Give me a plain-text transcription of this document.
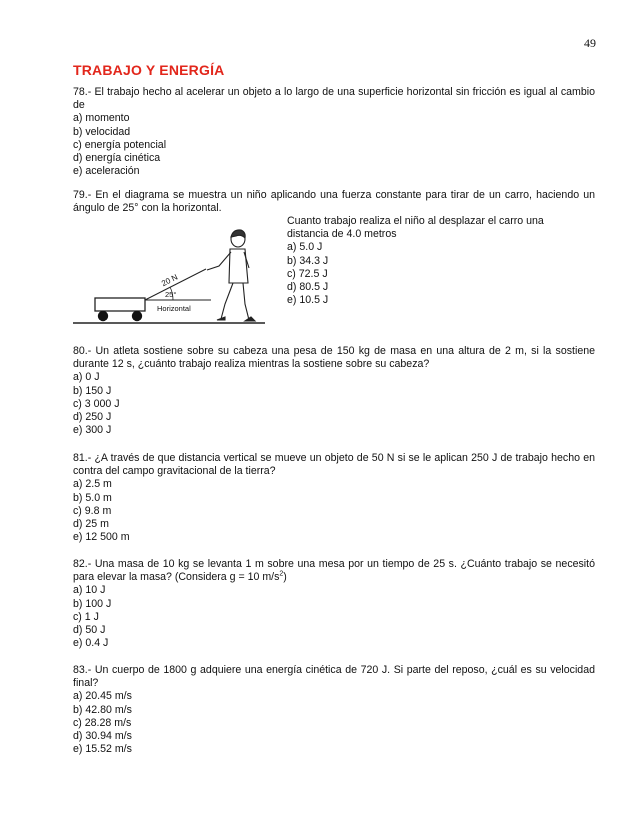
49
TRABAJO Y ENERGÍA

78.- El trabajo hecho al acelerar un objeto a lo largo de una superficie horizontal sin fricción es igual al cambio de

a) momento

b) velocidad

c) energía potencial

d) energía cinética

e) aceleración

79.- En el diagrama se muestra un niño aplicando una fuerza constante para tirar de un carro, haciendo un ángulo de 25° con la horizontal.

Cuanto trabajo realiza el niño al desplazar el carro una distancia de 4.0 metros

a) 5.0 J

b) 34.3 J

c) 72.5 J

d) 80.5 J

e) 10.5 J

20 N
25°
Horizontal

80.- Un atleta sostiene sobre su cabeza una pesa de 150 kg de masa en una altura de 2 m, si la sostiene durante 12 s, ¿cuánto trabajo realiza mientras la sostiene sobre su cabeza?

a) 0 J

b) 150 J

c) 3 000 J

d) 250 J

e) 300 J

81.- ¿A través de que distancia vertical se mueve un objeto de 50 N si se le aplican 250 J de trabajo hecho en contra del campo gravitacional de la tierra?

a) 2.5 m

b) 5.0 m

c) 9.8 m

d) 25 m

e) 12 500 m

82.- Una masa de 10 kg se levanta 1 m sobre una mesa por un tiempo de 25 s. ¿Cuánto trabajo se necesitó para elevar la masa? (Considera g = 10 $m/s^2$)

a) 10 J

b) 100 J

c) 1 J

d) 50 J

e) 0.4 J

83.- Un cuerpo de 1800 g adquiere una energía cinética de 720 J. Si parte del reposo, ¿cuál es su velocidad final?

a) 20.45 m/s

b) 42.80 m/s

c) 28.28 m/s

d) 30.94 m/s

e) 15.52 m/s
